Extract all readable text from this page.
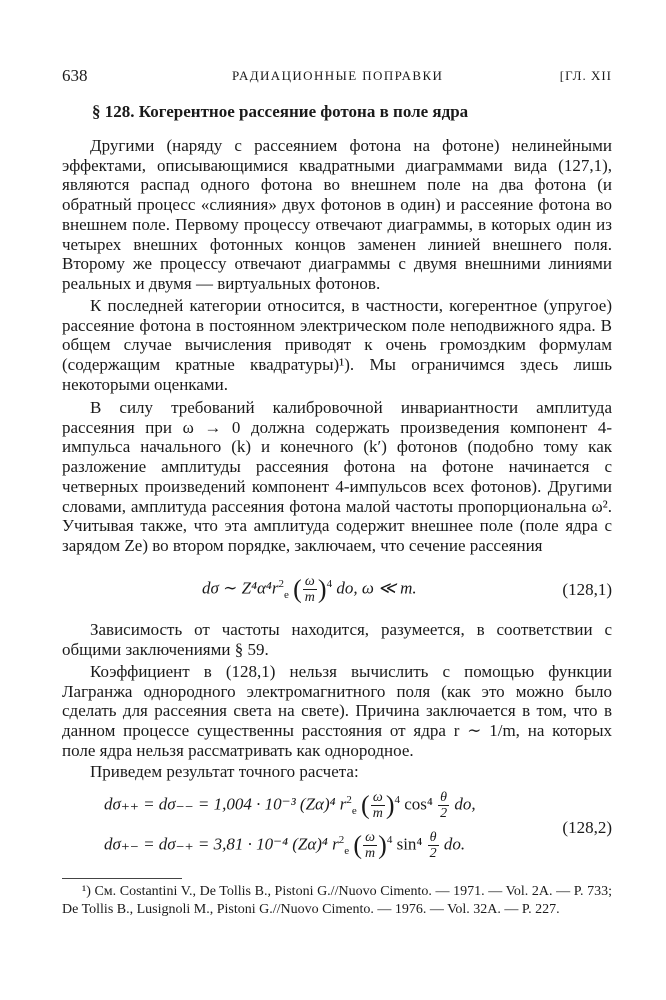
638	РАДИАЦИОННЫЕ ПОПРАВКИ	[ГЛ. XII
§ 128. Когерентное рассеяние фотона в поле ядра

Другими (наряду с рассеянием фотона на фотоне) нелинейными эффектами, описывающимися квадратными диаграммами вида (127,1), являются распад одного фотона во внешнем поле на два фотона (и обратный процесс «слияния» двух фотонов в один) и рассеяние фотона во внешнем поле. Первому процессу отвечают диаграммы, в которых один из четырех внешних фотонных концов заменен линией внешнего поля. Второму же процессу отвечают диаграммы с двумя внешними линиями реальных и двумя — виртуальных фотонов.

К последней категории относится, в частности, когерентное (упругое) рассеяние фотона в постоянном электрическом поле неподвижного ядра. В общем случае вычисления приводят к очень громоздким формулам (содержащим кратные квадратуры)¹). Мы ограничимся здесь лишь некоторыми оценками.

В силу требований калибровочной инвариантности амплитуда рассеяния при ω → 0 должна содержать произведения компонент 4-импульса начального (k) и конечного (k′) фотонов (подобно тому как разложение амплитуды рассеяния фотона на фотоне начинается с четверных произведений компонент 4-импульсов всех фотонов). Другими словами, амплитуда рассеяния фотона малой частоты пропорциональна ω². Учитывая также, что эта амплитуда содержит внешнее поле (поле ядра с зарядом Ze) во втором порядке, заключаем, что сечение рассеяния

dσ ∼ $Z^4\alpha^4r^2_e$ ( $\frac{\omega}{m} )^4$ do, ω ≪ m.	(128,1)

Зависимость от частоты находится, разумеется, в соответствии с общими заключениями § 59.

Коэффициент в (128,1) нельзя вычислить с помощью функции Лагранжа однородного электромагнитного поля (как это можно было сделать для рассеяния света на свете). Причина заключается в том, что в данном процессе существенны расстояния от ядра r ∼ 1/m, на которых поле ядра нельзя рассматривать как однородное.

Приведем результат точного расчета:

dσ₊₊ = dσ₋₋ = 1,004 · 10⁻³ (Zα)⁴ $r^2_e$ ( $\frac{\omega}{m} )^4$ $\cos^4 \frac{\theta}{2}$ do,
dσ₊₋ = dσ₋₊ = 3,81 · 10⁻⁴ (Zα)⁴ $r^2_e$ ( $\frac{\omega}{m} )^4$ $\sin^4 \frac{\theta}{2}$ do.
(128,2)

¹) См. Costantini V., De Tollis B., Pistoni G.//Nuovo Cimento. — 1971. — Vol. 2A. — P. 733; De Tollis B., Lusignoli M., Pistoni G.//Nuovo Cimento. — 1976. — Vol. 32A. — P. 227.
